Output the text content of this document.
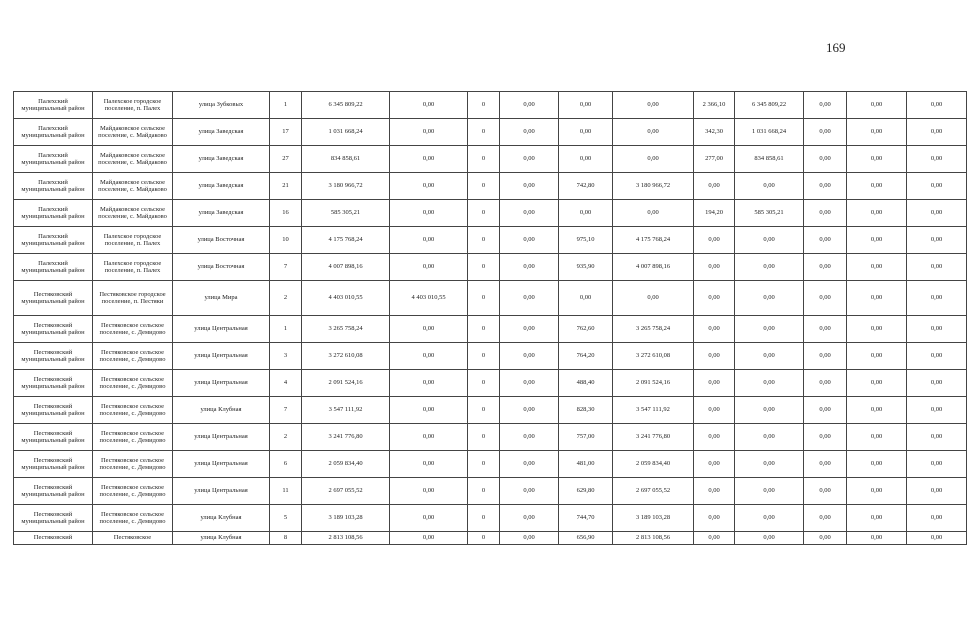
169
Палехский муниципальный район	Палехское городское поселение, п. Палех	улица Зубковых	1	6 345 809,22	0,00	0	0,00	0,00	0,00	2 366,10	6 345 809,22	0,00	0,00	0,00
Палехский муниципальный район	Майдаковское сельское поселение, с. Майдаково	улица Заведская	17	1 031 668,24	0,00	0	0,00	0,00	0,00	342,30	1 031 668,24	0,00	0,00	0,00
Палехский муниципальный район	Майдаковское сельское поселение, с. Майдаково	улица Заведская	27	834 858,61	0,00	0	0,00	0,00	0,00	277,00	834 858,61	0,00	0,00	0,00
Палехский муниципальный район	Майдаковское сельское поселение, с. Майдаково	улица Заведская	21	3 180 966,72	0,00	0	0,00	742,80	3 180 966,72	0,00	0,00	0,00	0,00	0,00
Палехский муниципальный район	Майдаковское сельское поселение, с. Майдаково	улица Заведская	16	585 305,21	0,00	0	0,00	0,00	0,00	194,20	585 305,21	0,00	0,00	0,00
Палехский муниципальный район	Палехское городское поселение, п. Палех	улица Восточная	10	4 175 768,24	0,00	0	0,00	975,10	4 175 768,24	0,00	0,00	0,00	0,00	0,00
Палехский муниципальный район	Палехское городское поселение, п. Палех	улица Восточная	7	4 007 898,16	0,00	0	0,00	935,90	4 007 898,16	0,00	0,00	0,00	0,00	0,00
Пестяковский муниципальный район	Пестяковское городское поселение, п. Пестяки	улица Мира	2	4 403 010,55	4 403 010,55	0	0,00	0,00	0,00	0,00	0,00	0,00	0,00	0,00
Пестяковский муниципальный район	Пестяковское сельское поселение, с. Демидово	улица Центральная	1	3 265 758,24	0,00	0	0,00	762,60	3 265 758,24	0,00	0,00	0,00	0,00	0,00
Пестяковский муниципальный район	Пестяковское сельское поселение, с. Демидово	улица Центральная	3	3 272 610,08	0,00	0	0,00	764,20	3 272 610,08	0,00	0,00	0,00	0,00	0,00
Пестяковский муниципальный район	Пестяковское сельское поселение, с. Демидово	улица Центральная	4	2 091 524,16	0,00	0	0,00	488,40	2 091 524,16	0,00	0,00	0,00	0,00	0,00
Пестяковский муниципальный район	Пестяковское сельское поселение, с. Демидово	улица Клубная	7	3 547 111,92	0,00	0	0,00	828,30	3 547 111,92	0,00	0,00	0,00	0,00	0,00
Пестяковский муниципальный район	Пестяковское сельское поселение, с. Демидово	улица Центральная	2	3 241 776,80	0,00	0	0,00	757,00	3 241 776,80	0,00	0,00	0,00	0,00	0,00
Пестяковский муниципальный район	Пестяковское сельское поселение, с. Демидово	улица Центральная	6	2 059 834,40	0,00	0	0,00	481,00	2 059 834,40	0,00	0,00	0,00	0,00	0,00
Пестяковский муниципальный район	Пестяковское сельское поселение, с. Демидово	улица Центральная	11	2 697 055,52	0,00	0	0,00	629,80	2 697 055,52	0,00	0,00	0,00	0,00	0,00
Пестяковский муниципальный район	Пестяковское сельское поселение, с. Демидово	улица Клубная	5	3 189 103,28	0,00	0	0,00	744,70	3 189 103,28	0,00	0,00	0,00	0,00	0,00
Пестяковский	Пестяковское	улица Клубная	8	2 813 108,56	0,00	0	0,00	656,90	2 813 108,56	0,00	0,00	0,00	0,00	0,00
